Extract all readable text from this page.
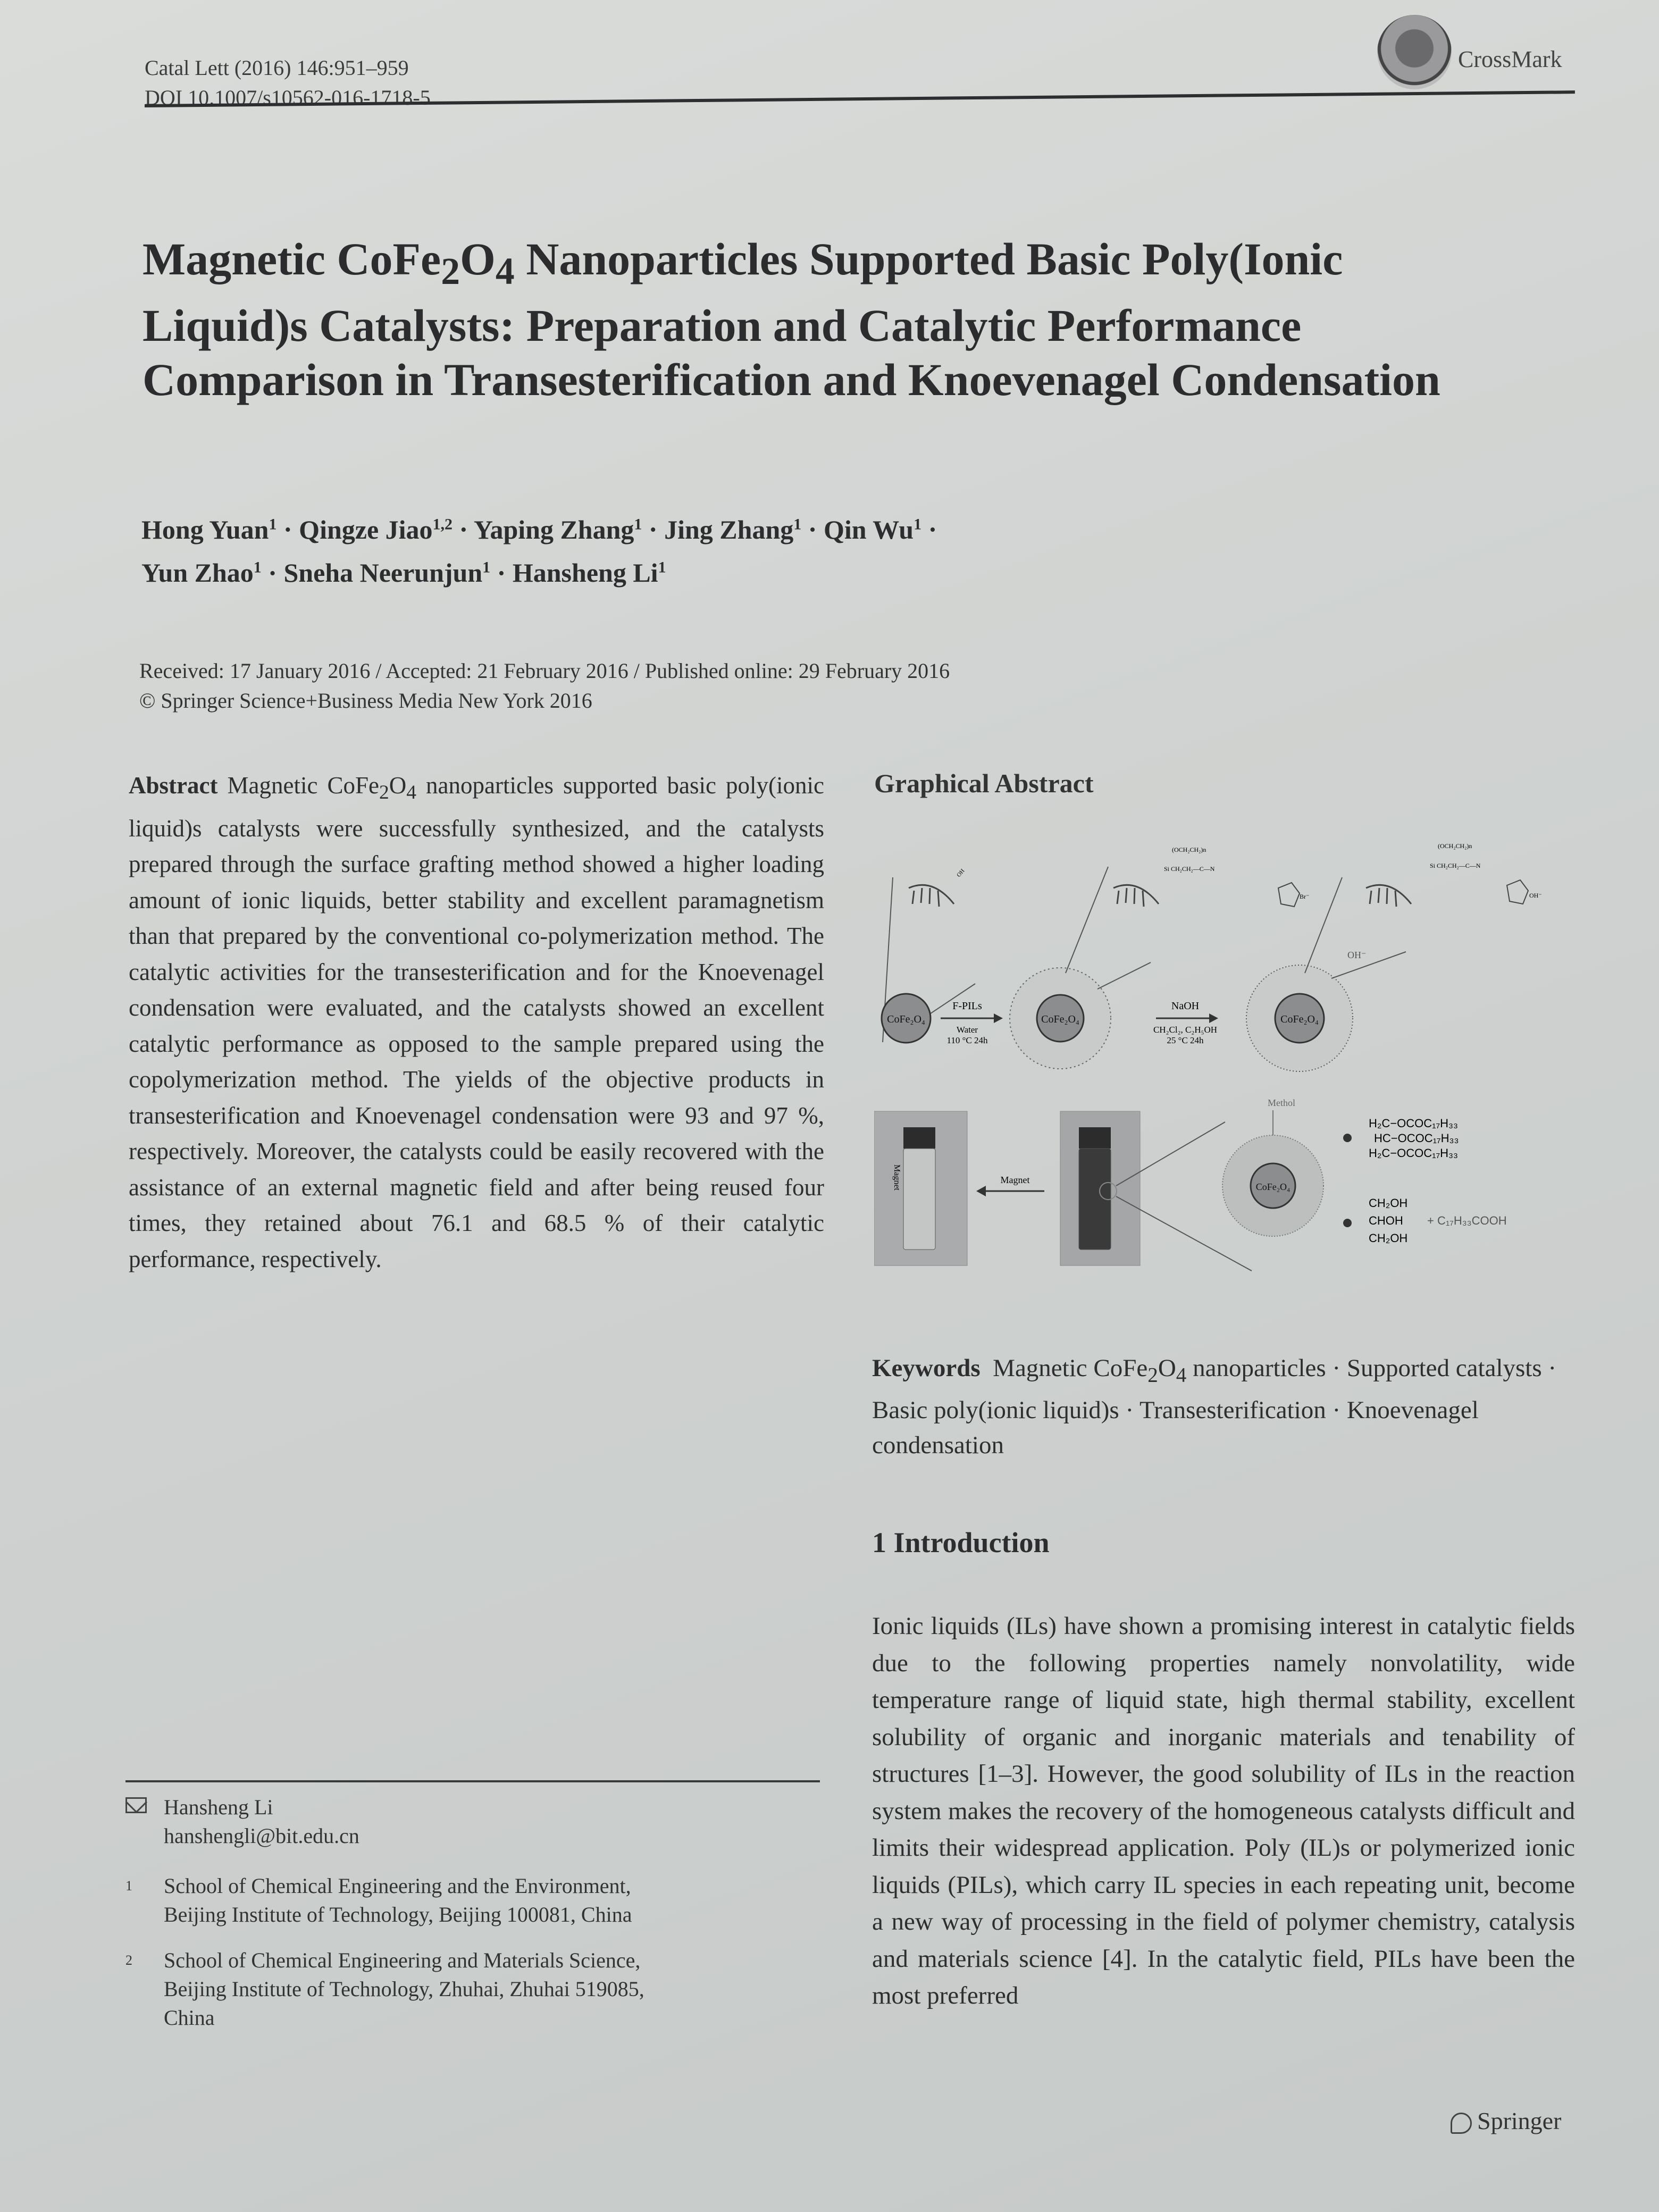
Catal Lett (2016) 146:951–959
DOI 10.1007/s10562-016-1718-5
CrossMark
Magnetic $CoFe_2O_4$ Nanoparticles Supported Basic Poly(Ionic Liquid)s Catalysts: Preparation and Catalytic Performance Comparison in Transesterification and Knoevenagel Condensation
Hong Yuan$^1$ · Qingze Jiao$^{1,2}$ · Yaping Zhang$^1$ · Jing Zhang$^1$ · Qin $Wu^1$ ·
Yun Zhao$^1$ · Sneha Neerunjun$^1$ · Hansheng Li$^1$
Received: 17 January 2016 / Accepted: 21 February 2016 / Published online: 29 February 2016
© Springer Science+Business Media New York 2016
Abstract Magnetic $CoFe_2O_4$ nanoparticles supported basic poly(ionic liquid)s catalysts were successfully synthesized, and the catalysts prepared through the surface grafting method showed a higher loading amount of ionic liquids, better stability and excellent paramagnetism than that prepared by the conventional co-polymerization method. The catalytic activities for the transesterification and for the Knoevenagel condensation were evaluated, and the catalysts showed an excellent catalytic performance as opposed to the sample prepared using the copolymerization method. The yields of the objective products in transesterification and Knoevenagel condensation were 93 and 97 %, respectively. Moreover, the catalysts could be easily recovered with the assistance of an external magnetic field and after being reused four times, they retained about 76.1 and 68.5 % of their catalytic performance, respectively.
Graphical Abstract
CoFe₂O₄
F-PILs
Water
110 °C 24h
CoFe₂O₄
NaOH
CH₂Cl₂, C₂H₅OH
25 °C 24h
CoFe₂O₄
OH⁻
OH
(OCH₂CH₂)n
Si CH₂CH₂—C—N
Br⁻
(OCH₂CH₂)n
Si CH₂CH₂—C—N
OH⁻
Magnet	Magnet
CoFe₂O₄
Methol
H₂C−OCOC₁₇H₃₃
HC−OCOC₁₇H₃₃
H₂C−OCOC₁₇H₃₃
CH₂OH
CHOH
CH₂OH
+ C₁₇H₃₃COOH
Keywords Magnetic $CoFe_2O_4$ nanoparticles · Supported catalysts · Basic poly(ionic liquid)s · Transesterification · Knoevenagel condensation
1 Introduction
Ionic liquids (ILs) have shown a promising interest in catalytic fields due to the following properties namely nonvolatility, wide temperature range of liquid state, high thermal stability, excellent solubility of organic and inorganic materials and tenability of structures [1–3]. However, the good solubility of ILs in the reaction system makes the recovery of the homogeneous catalysts difficult and limits their widespread application. Poly (IL)s or polymerized ionic liquids (PILs), which carry IL species in each repeating unit, become a new way of processing in the field of polymer chemistry, catalysis and materials science [4]. In the catalytic field, PILs have been the most preferred
Hansheng Li
hanshengli@bit.edu.cn
1 School of Chemical Engineering and the Environment,
Beijing Institute of Technology, Beijing 100081, China
2 School of Chemical Engineering and Materials Science,
Beijing Institute of Technology, Zhuhai, Zhuhai 519085,
China
Springer
